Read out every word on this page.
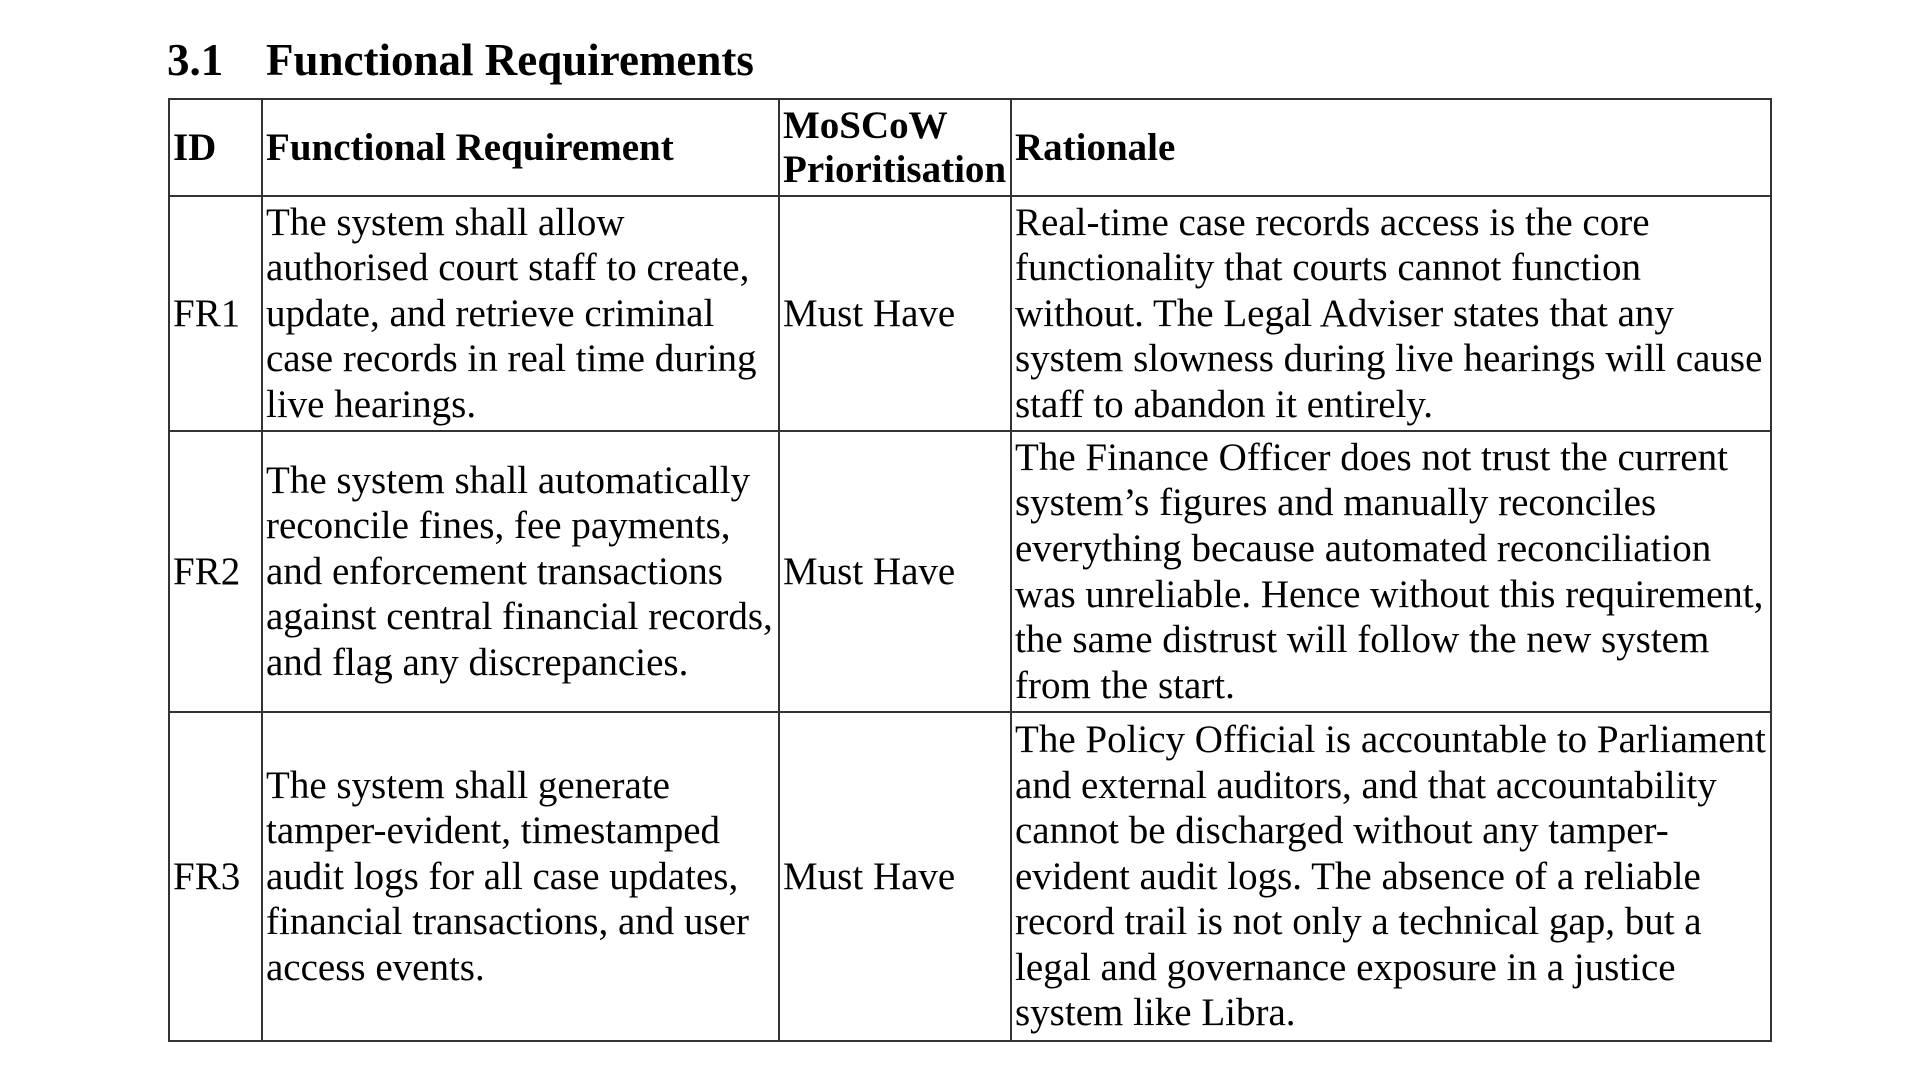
3.1 Functional Requirements
ID	Functional Requirement	MoSCoW Prioritisation	Rationale
FR1	The system shall allow authorised court staff to create, update, and retrieve criminal case records in real time during live hearings.	Must Have	Real-time case records access is the core functionality that courts cannot function without. The Legal Adviser states that any system slowness during live hearings will cause staff to abandon it entirely.
FR2	The system shall automatically reconcile fines, fee payments, and enforcement transactions against central financial records, and flag any discrepancies.	Must Have	The Finance Officer does not trust the current system’s figures and manually reconciles everything because automated reconciliation was unreliable. Hence without this requirement, the same distrust will follow the new system from the start.
FR3	The system shall generate tamper-evident, timestamped audit logs for all case updates, financial transactions, and user access events.	Must Have	The Policy Official is accountable to Parliament and external auditors, and that accountability cannot be discharged without any tamper-evident audit logs. The absence of a reliable record trail is not only a technical gap, but a legal and governance exposure in a justice system like Libra.
